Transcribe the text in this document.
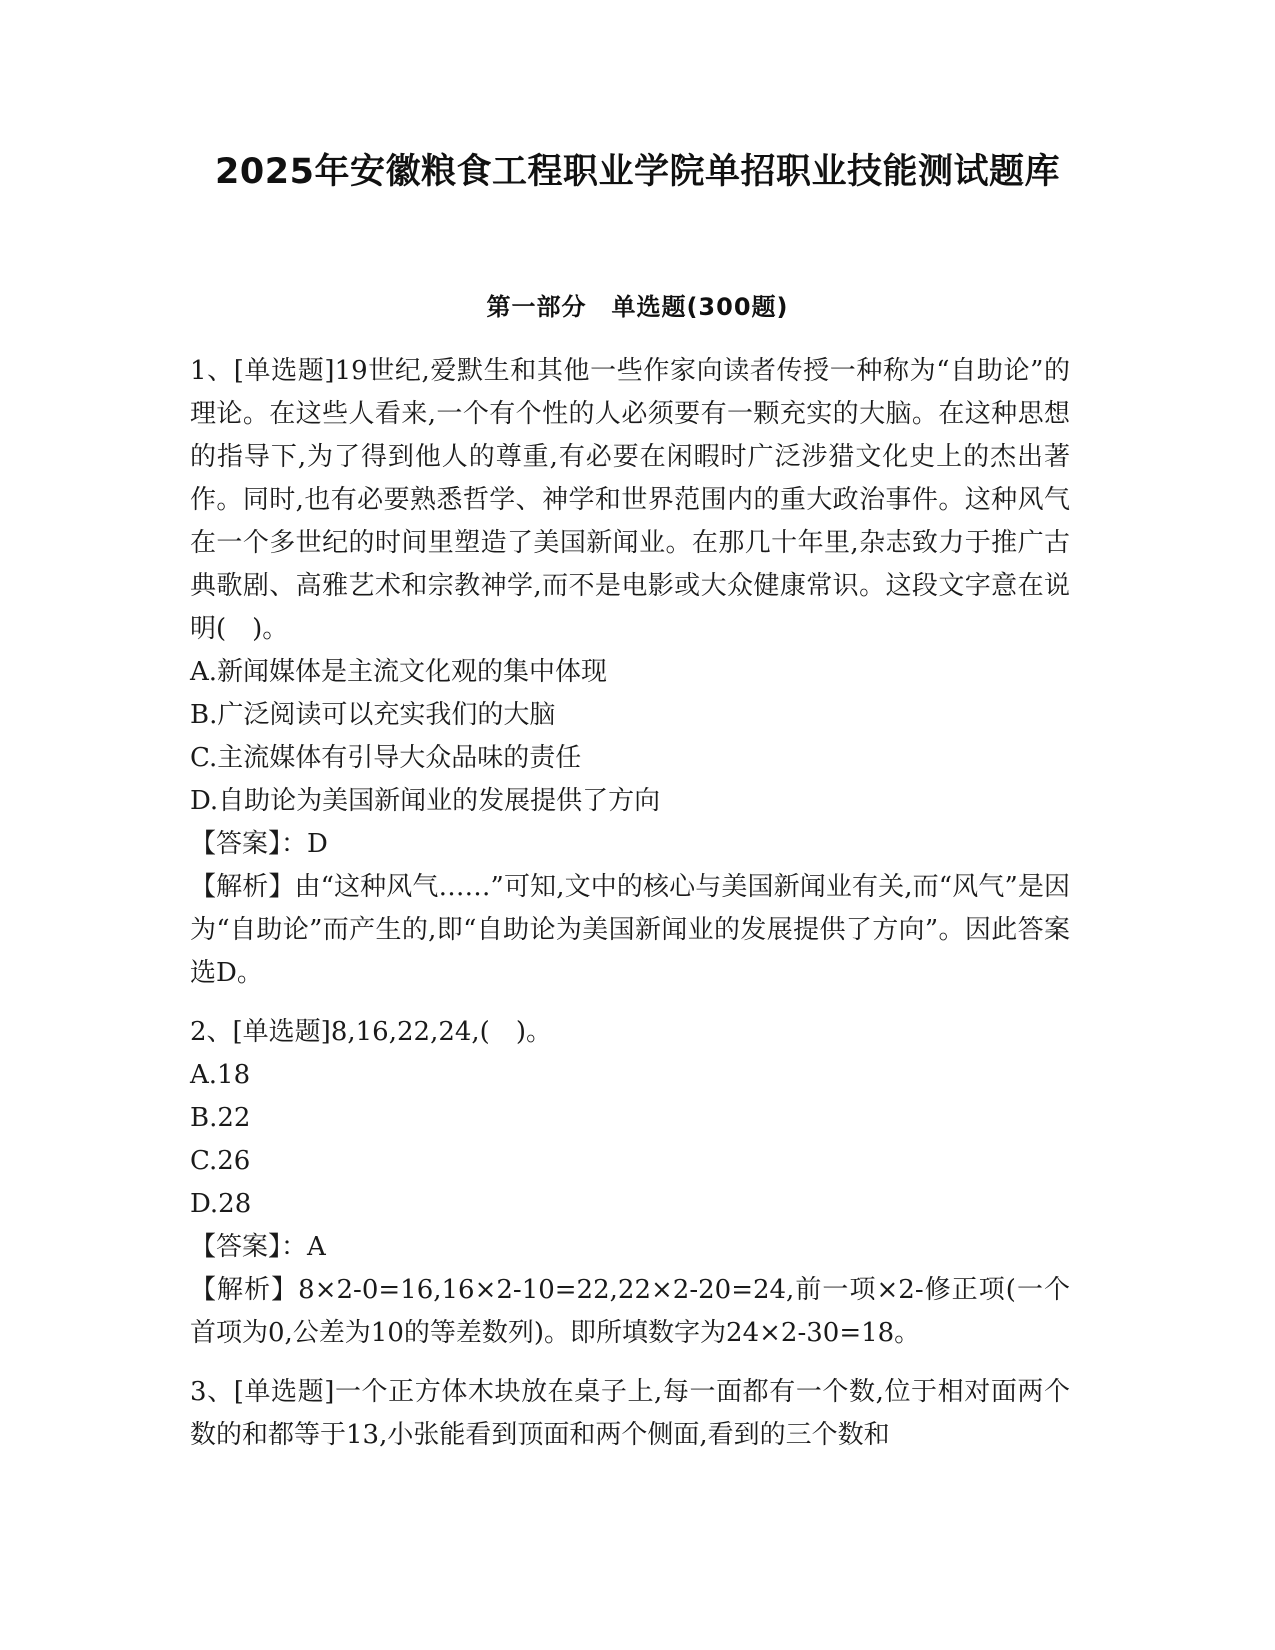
2025年安徽粮食工程职业学院单招职业技能测试题库
第一部分　单选题(300题)

1、[单选题]19世纪,爱默生和其他一些作家向读者传授一种称为“自助论”的理论。在这些人看来,一个有个性的人必须要有一颗充实的大脑。在这种思想的指导下,为了得到他人的尊重,有必要在闲暇时广泛涉猎文化史上的杰出著作。同时,也有必要熟悉哲学、神学和世界范围内的重大政治事件。这种风气在一个多世纪的时间里塑造了美国新闻业。在那几十年里,杂志致力于推广古典歌剧、高雅艺术和宗教神学,而不是电影或大众健康常识。这段文字意在说明(　)。

A.新闻媒体是主流文化观的集中体现

B.广泛阅读可以充实我们的大脑

C.主流媒体有引导大众品味的责任

D.自助论为美国新闻业的发展提供了方向

【答案】：D

【解析】由“这种风气……”可知,文中的核心与美国新闻业有关,而“风气”是因为“自助论”而产生的,即“自助论为美国新闻业的发展提供了方向”。因此答案选D。

2、[单选题]8,16,22,24,(　)。

A.18

B.22

C.26

D.28

【答案】：A

【解析】8×2-0=16,16×2-10=22,22×2-20=24,前一项×2-修正项(一个首项为0,公差为10的等差数列)。即所填数字为24×2-30=18。

3、[单选题]一个正方体木块放在桌子上,每一面都有一个数,位于相对面两个数的和都等于13,小张能看到顶面和两个侧面,看到的三个数和
